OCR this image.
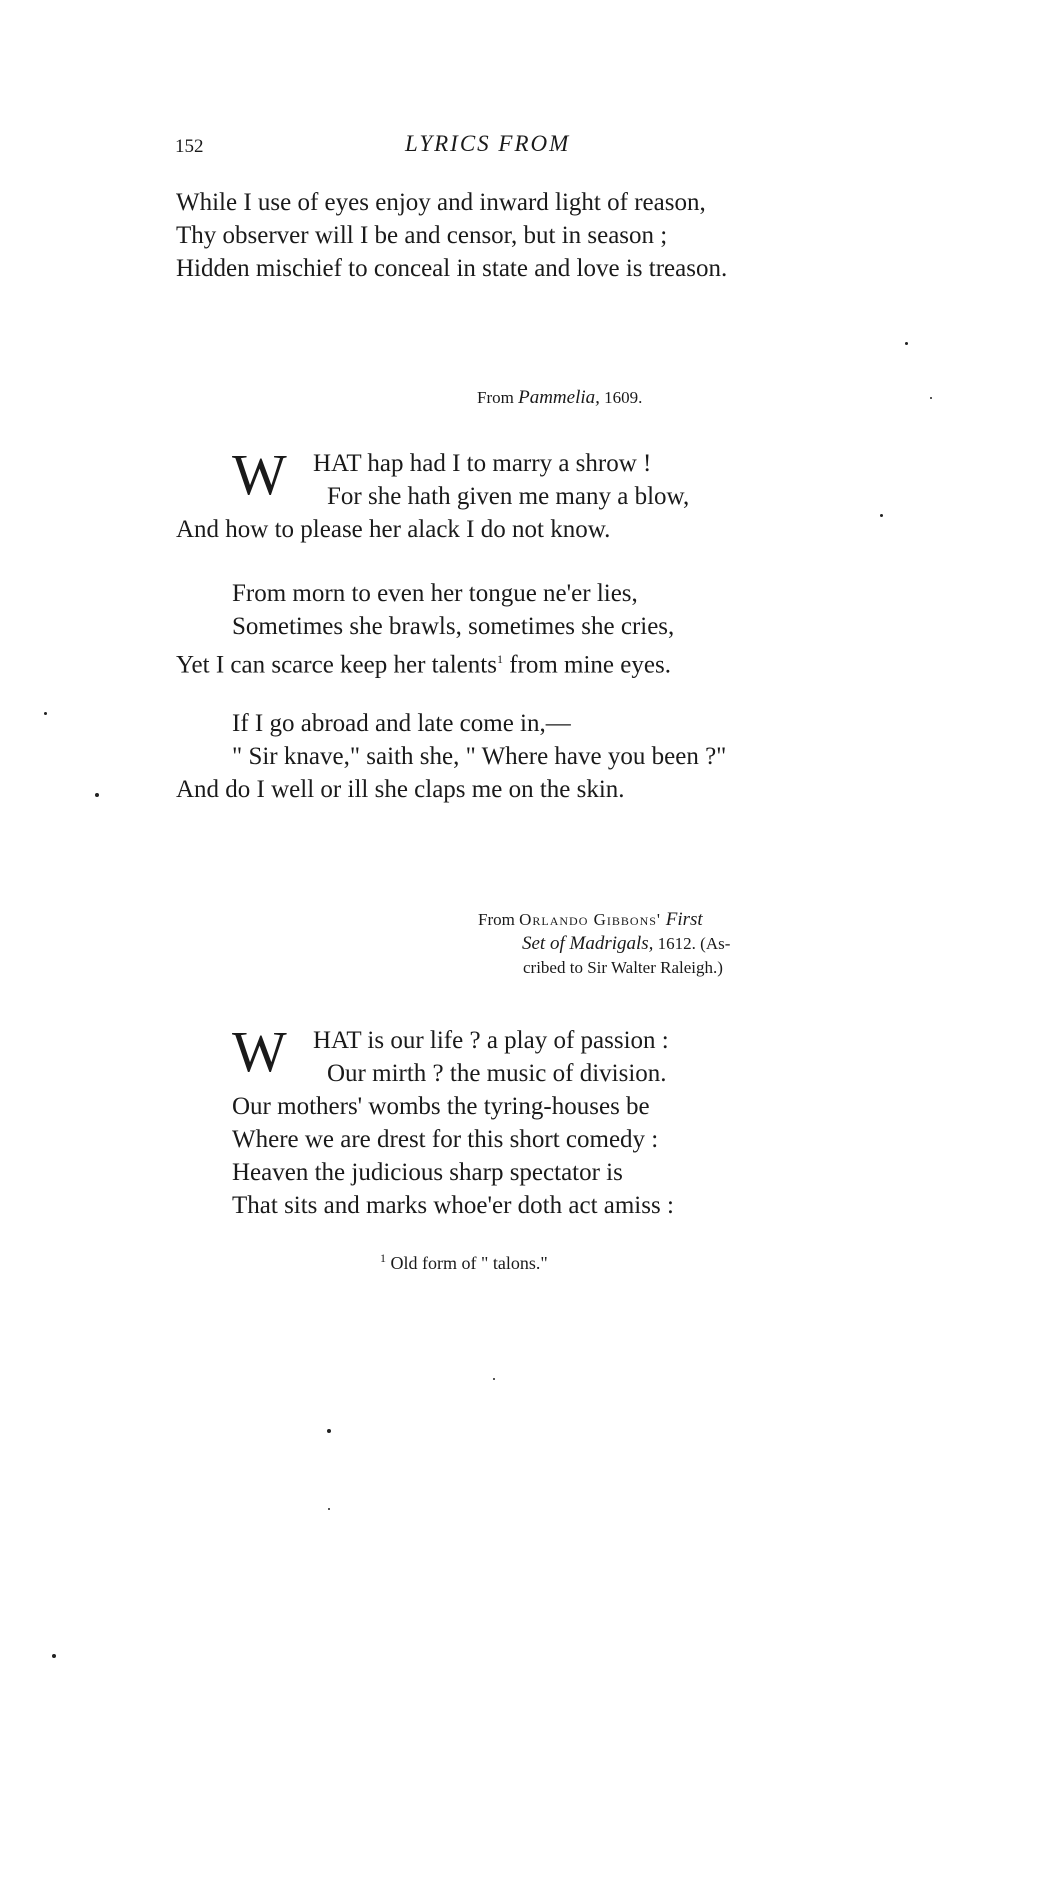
152	LYRICS FROM
While I use of eyes enjoy and inward light of reason,
Thy observer will I be and censor, but in season ;
Hidden mischief to conceal in state and love is treason.
From Pammelia, 1609.
W HAT hap had I to marry a shrow !
For she hath given me many a blow,
And how to please her alack I do not know.
From morn to even her tongue ne'er lies,
Sometimes she brawls, sometimes she cries,
Yet I can scarce keep her talents$^1$ from mine eyes.
If I go abroad and late come in,—
" Sir knave," saith she, " Where have you been ?"
And do I well or ill she claps me on the skin.
From Orlando Gibbons' First
Set of Madrigals, 1612. (As-
cribed to Sir Walter Raleigh.)
W HAT is our life ? a play of passion :
Our mirth ? the music of division.
Our mothers' wombs the tyring-houses be
Where we are drest for this short comedy :
Heaven the judicious sharp spectator is
That sits and marks whoe'er doth act amiss :
$^1$ Old form of " talons."
